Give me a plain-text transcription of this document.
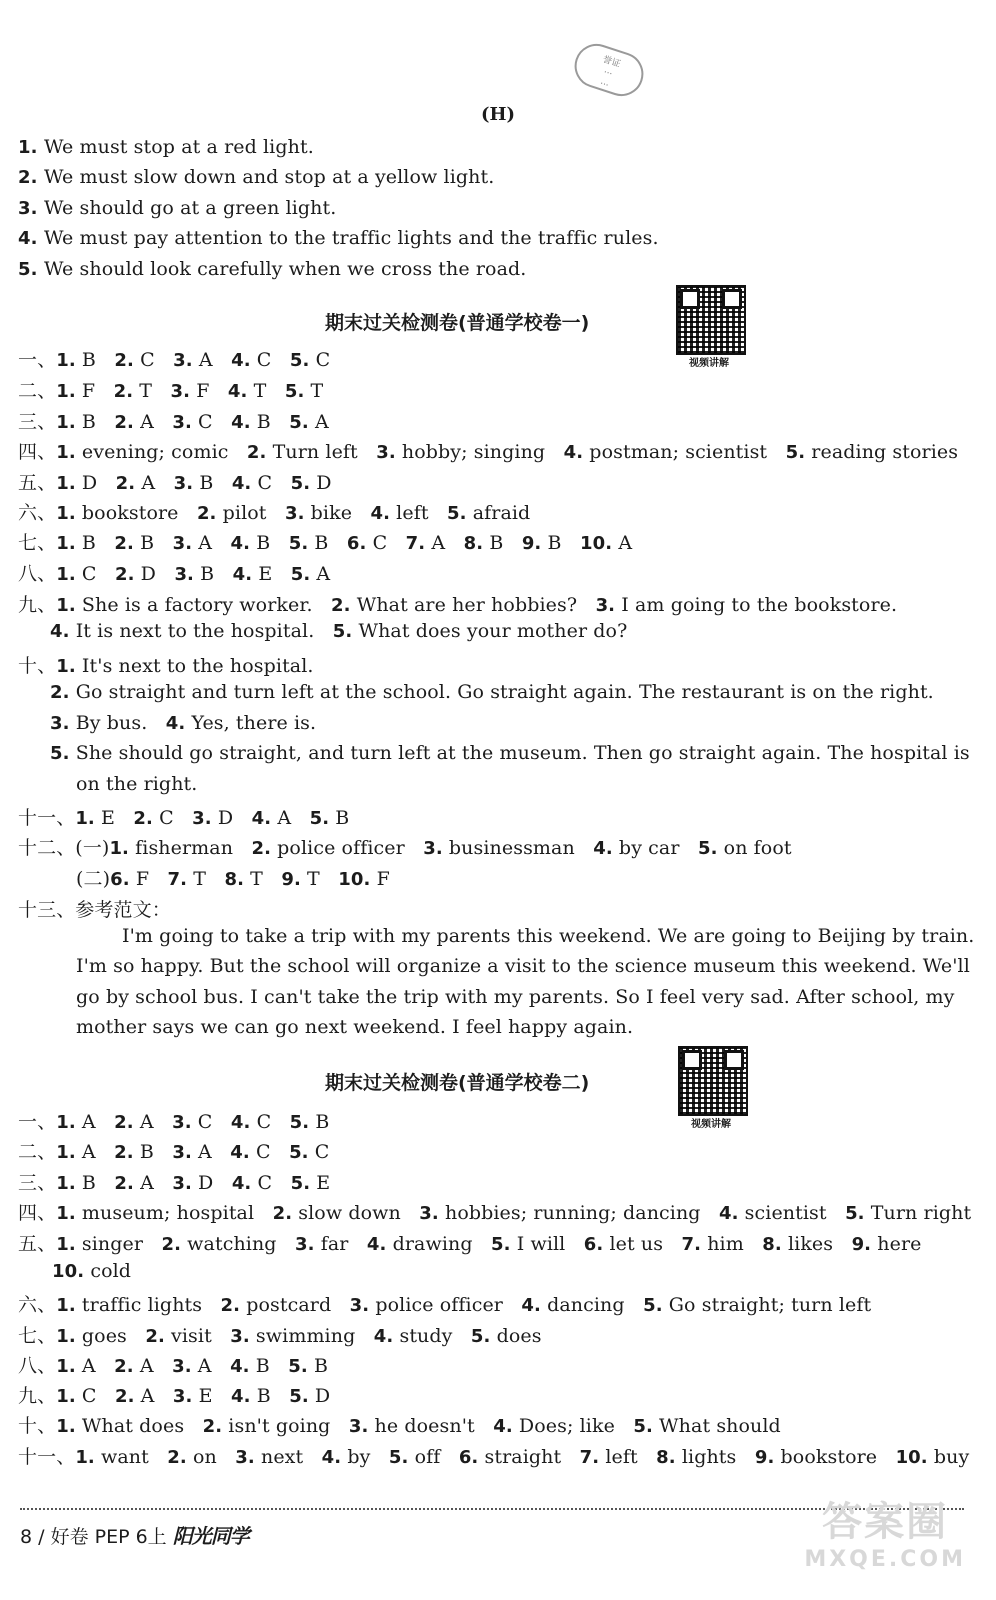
誉证
···
···
(H)
1. We must stop at a red light.
2. We must slow down and stop at a yellow light.
3. We should go at a green light.
4. We must pay attention to the traffic lights and the traffic rules.
5. We should look carefully when we cross the road.
期末过关检测卷(普通学校卷一)
视频讲解
一、1. B   2. C   3. A   4. C   5. C
二、1. F   2. T   3. F   4. T   5. T
三、1. B   2. A   3. C   4. B   5. A
四、1. evening; comic   2. Turn left   3. hobby; singing   4. postman; scientist   5. reading stories
五、1. D   2. A   3. B   4. C   5. D
六、1. bookstore   2. pilot   3. bike   4. left   5. afraid
七、1. B   2. B   3. A   4. B   5. B   6. C   7. A   8. B   9. B   10. A
八、1. C   2. D   3. B   4. E   5. A
九、1. She is a factory worker.   2. What are her hobbies?   3. I am going to the bookstore.
4. It is next to the hospital.   5. What does your mother do?
十、1. It's next to the hospital.
2. Go straight and turn left at the school. Go straight again. The restaurant is on the right.
3. By bus.   4. Yes, there is.
5. She should go straight, and turn left at the museum. Then go straight again. The hospital is
on the right.
十一、1. E   2. C   3. D   4. A   5. B
十二、(一)1. fisherman   2. police officer   3. businessman   4. by car   5. on foot
(二)6. F   7. T   8. T   9. T   10. F
十三、参考范文：
I'm going to take a trip with my parents this weekend. We are going to Beijing by train.
I'm so happy. But the school will organize a visit to the science museum this weekend. We'll
go by school bus. I can't take the trip with my parents. So I feel very sad. After school, my
mother says we can go next weekend. I feel happy again.
期末过关检测卷(普通学校卷二)
视频讲解
一、1. A   2. A   3. C   4. C   5. B
二、1. A   2. B   3. A   4. C   5. C
三、1. B   2. A   3. D   4. C   5. E
四、1. museum; hospital   2. slow down   3. hobbies; running; dancing   4. scientist   5. Turn right
五、1. singer   2. watching   3. far   4. drawing   5. I will   6. let us   7. him   8. likes   9. here
10. cold
六、1. traffic lights   2. postcard   3. police officer   4. dancing   5. Go straight; turn left
七、1. goes   2. visit   3. swimming   4. study   5. does
八、1. A   2. A   3. A   4. B   5. B
九、1. C   2. A   3. E   4. B   5. D
十、1. What does   2. isn't going   3. he doesn't   4. Does; like   5. What should
十一、1. want   2. on   3. next   4. by   5. off   6. straight   7. left   8. lights   9. bookstore   10. buy
8 / 好卷 PEP 6上 阳光同学	答案圈
MXQE.COM
